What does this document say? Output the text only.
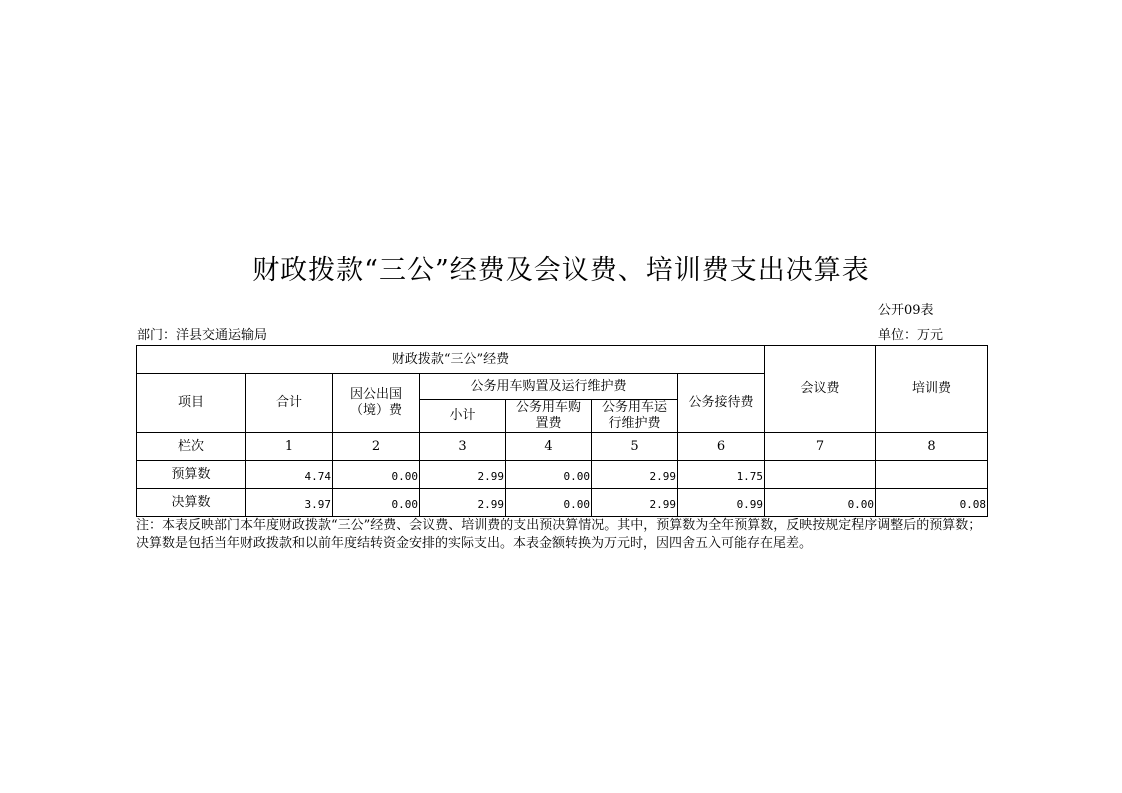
财政拨款“三公”经费及会议费、培训费支出决算表
公开09表
部门：洋县交通运输局	单位：万元
财政拨款“三公”经费							会议费	培训费
项目	合计	因公出国（境）费	公务用车购置及运行维护费			公务接待费		
			小计	公务用车购置费	公务用车运行维护费			
栏次	1	2	3	4	5	6	7	8
预算数	4.74	0.00	2.99	0.00	2.99	1.75		
决算数	3.97	0.00	2.99	0.00	2.99	0.99	0.00	0.08
注：本表反映部门本年度财政拨款“三公”经费、会议费、培训费的支出预决算情况。其中，预算数为全年预算数，反映按规定程序调整后的预算数；决算数是包括当年财政拨款和以前年度结转资金安排的实际支出。本表金额转换为万元时，因四舍五入可能存在尾差。
